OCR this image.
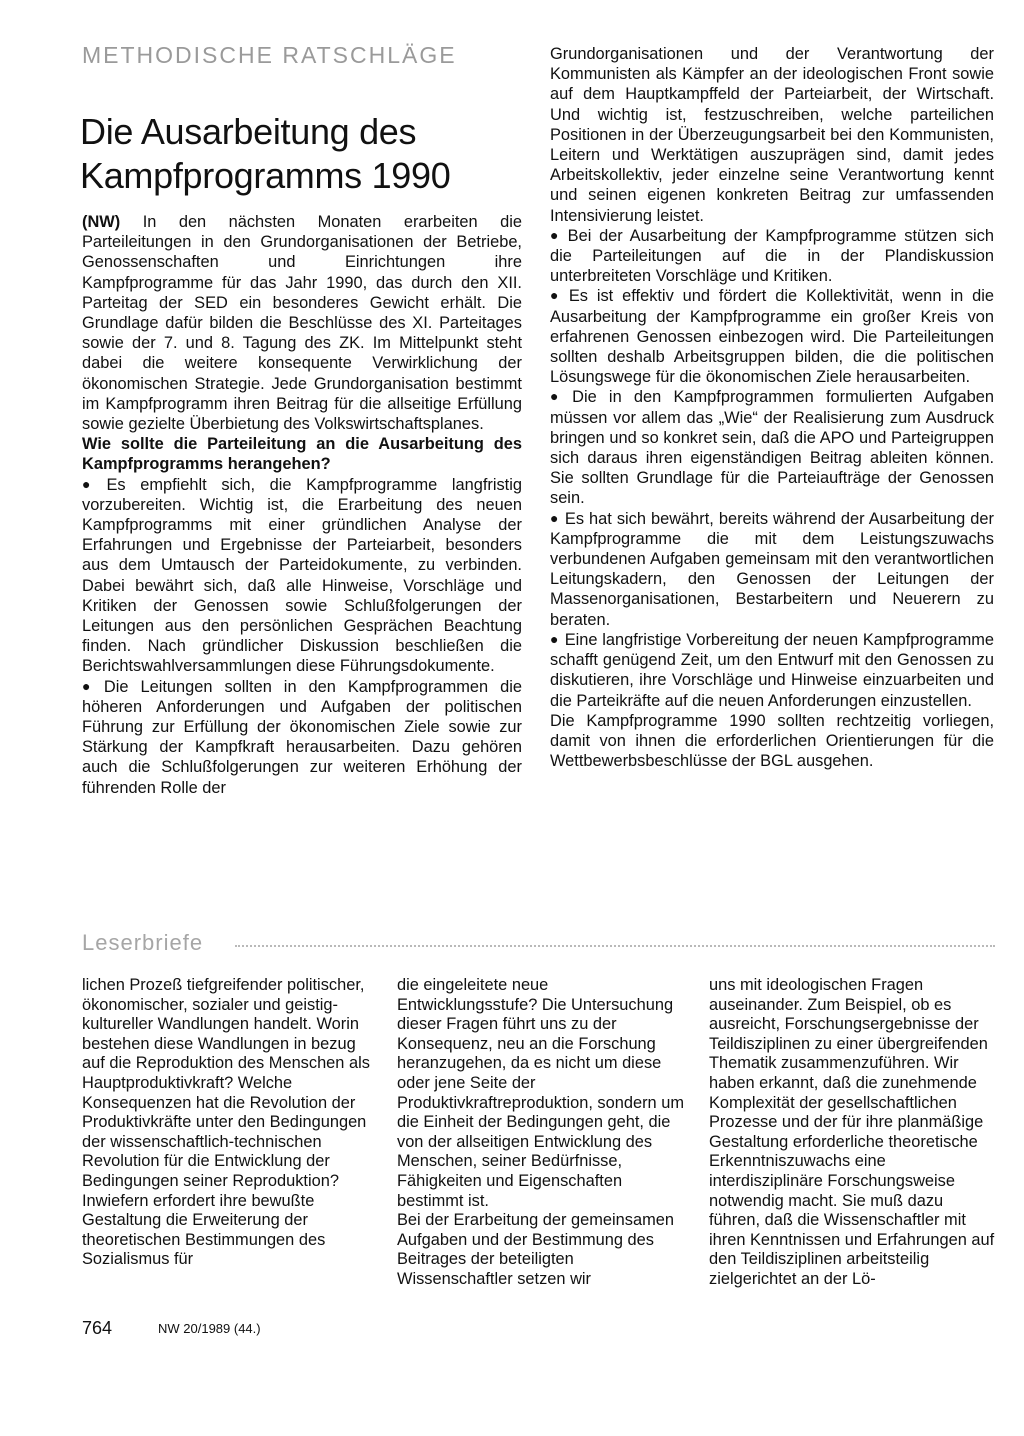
METHODISCHE RATSCHLÄGE
Die Ausarbeitung des Kampfprogramms 1990

(NW) In den nächsten Monaten erarbeiten die Parteileitungen in den Grundorganisationen der Betriebe, Genossenschaften und Einrichtungen ihre Kampfprogramme für das Jahr 1990, das durch den XII. Parteitag der SED ein besonderes Gewicht erhält. Die Grundlage dafür bilden die Beschlüsse des XI. Parteitages sowie der 7. und 8. Tagung des ZK. Im Mittelpunkt steht dabei die weitere konsequente Verwirklichung der ökonomischen Strategie. Jede Grundorganisation bestimmt im Kampfprogramm ihren Beitrag für die allseitige Erfüllung sowie gezielte Überbietung des Volkswirtschaftsplanes.

Wie sollte die Parteileitung an die Ausarbeitung des Kampfprogramms herangehen?

● Es empfiehlt sich, die Kampfprogramme langfristig vorzubereiten. Wichtig ist, die Erarbeitung des neuen Kampfprogramms mit einer gründlichen Analyse der Erfahrungen und Ergebnisse der Parteiarbeit, besonders aus dem Umtausch der Parteidokumente, zu verbinden. Dabei bewährt sich, daß alle Hinweise, Vorschläge und Kritiken der Genossen sowie Schlußfolgerungen der Leitungen aus den persönlichen Gesprächen Beachtung finden. Nach gründlicher Diskussion beschließen die Berichtswahlversammlungen diese Führungsdokumente.

● Die Leitungen sollten in den Kampfprogrammen die höheren Anforderungen und Aufgaben der politischen Führung zur Erfüllung der ökonomischen Ziele sowie zur Stärkung der Kampfkraft herausarbeiten. Dazu gehören auch die Schlußfolgerungen zur weiteren Erhöhung der führenden Rolle der

Grundorganisationen und der Verantwortung der Kommunisten als Kämpfer an der ideologischen Front sowie auf dem Hauptkampffeld der Parteiarbeit, der Wirtschaft. Und wichtig ist, festzuschreiben, welche parteilichen Positionen in der Überzeugungsarbeit bei den Kommunisten, Leitern und Werktätigen auszuprägen sind, damit jedes Arbeitskollektiv, jeder einzelne seine Verantwortung kennt und seinen eigenen konkreten Beitrag zur umfassenden Intensivierung leistet.

● Bei der Ausarbeitung der Kampfprogramme stützen sich die Parteileitungen auf die in der Plandiskussion unterbreiteten Vorschläge und Kritiken.

● Es ist effektiv und fördert die Kollektivität, wenn in die Ausarbeitung der Kampfprogramme ein großer Kreis von erfahrenen Genossen einbezogen wird. Die Parteileitungen sollten deshalb Arbeitsgruppen bilden, die die politischen Lösungswege für die ökonomischen Ziele herausarbeiten.

● Die in den Kampfprogrammen formulierten Aufgaben müssen vor allem das „Wie“ der Realisierung zum Ausdruck bringen und so konkret sein, daß die APO und Parteigruppen sich daraus ihren eigenständigen Beitrag ableiten können. Sie sollten Grundlage für die Parteiaufträge der Genossen sein.

● Es hat sich bewährt, bereits während der Ausarbeitung der Kampfprogramme die mit dem Leistungszuwachs verbundenen Aufgaben gemeinsam mit den verantwortlichen Leitungskadern, den Genossen der Leitungen der Massenorganisationen, Bestarbeitern und Neuerern zu beraten.

● Eine langfristige Vorbereitung der neuen Kampfprogramme schafft genügend Zeit, um den Entwurf mit den Genossen zu diskutieren, ihre Vorschläge und Hinweise einzuarbeiten und die Parteikräfte auf die neuen Anforderungen einzustellen.

Die Kampfprogramme 1990 sollten rechtzeitig vorliegen, damit von ihnen die erforderlichen Orientierungen für die Wettbewerbsbeschlüsse der BGL ausgehen.

Leserbriefe

lichen Prozeß tiefgreifender politischer, ökonomischer, sozialer und geistig-kultureller Wandlungen handelt. Worin bestehen diese Wandlungen in bezug auf die Reproduktion des Menschen als Hauptproduktivkraft? Welche Konsequenzen hat die Revolution der Produktivkräfte unter den Bedingungen der wissenschaftlich-technischen Revolution für die Entwicklung der Bedingungen seiner Reproduktion? Inwiefern erfordert ihre bewußte Gestaltung die Erweiterung der theoretischen Bestimmungen des Sozialismus für

die eingeleitete neue Entwicklungsstufe? Die Untersuchung dieser Fragen führt uns zu der Konsequenz, neu an die Forschung heranzugehen, da es nicht um diese oder jene Seite der Produktivkraftreproduktion, sondern um die Einheit der Bedingungen geht, die von der allseitigen Entwicklung des Menschen, seiner Bedürfnisse, Fähigkeiten und Eigenschaften bestimmt ist.

Bei der Erarbeitung der gemeinsamen Aufgaben und der Bestimmung des Beitrages der beteiligten Wissenschaftler setzen wir

uns mit ideologischen Fragen auseinander. Zum Beispiel, ob es ausreicht, Forschungsergebnisse der Teildisziplinen zu einer übergreifenden Thematik zusammenzuführen. Wir haben erkannt, daß die zunehmende Komplexität der gesellschaftlichen Prozesse und der für ihre planmäßige Gestaltung erforderliche theoretische Erkenntniszuwachs eine interdisziplinäre Forschungsweise notwendig macht. Sie muß dazu führen, daß die Wissenschaftler mit ihren Kenntnissen und Erfahrungen auf den Teildisziplinen arbeitsteilig zielgerichtet an der Lö-

764	NW 20/1989 (44.)
